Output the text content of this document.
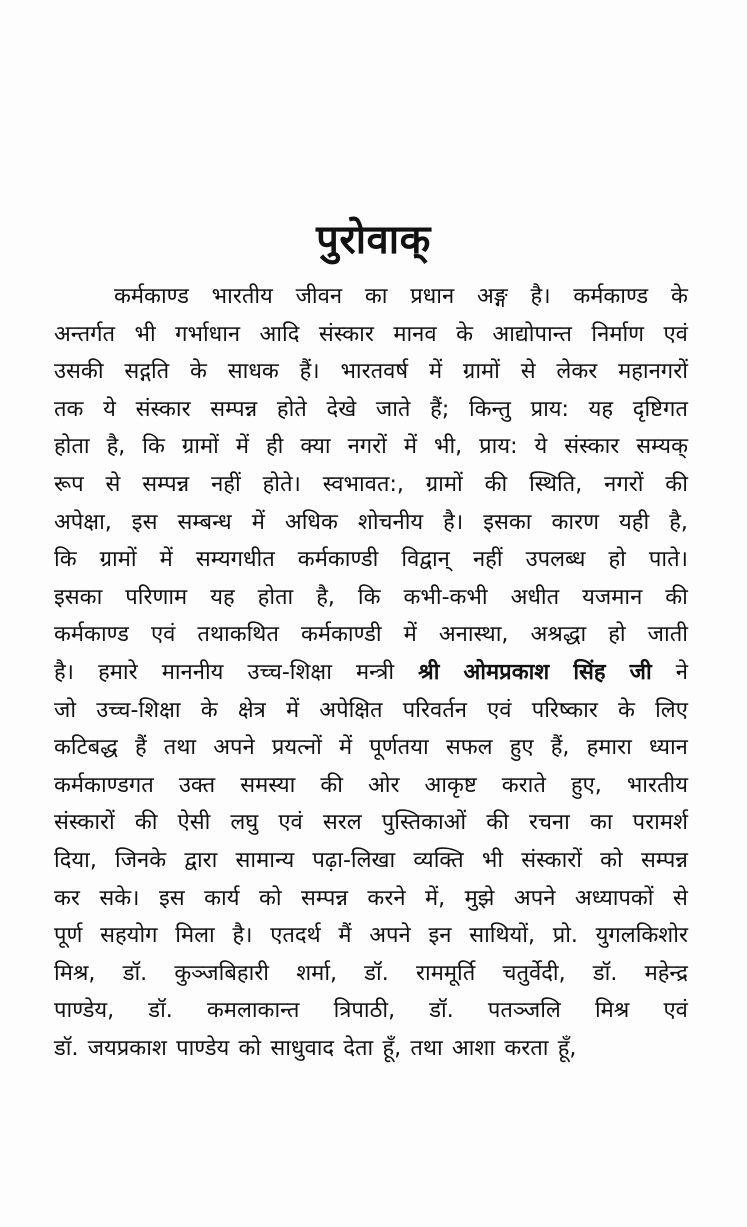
पुरोवाक्
कर्मकाण्ड भारतीय जीवन का प्रधान अङ्ग है। कर्मकाण्ड के
अन्तर्गत भी गर्भाधान आदि संस्कार मानव के आद्योपान्त निर्माण एवं
उसकी सद्गति के साधक हैं। भारतवर्ष में ग्रामों से लेकर महानगरों
तक ये संस्कार सम्पन्न होते देखे जाते हैं; किन्तु प्राय: यह दृष्टिगत
होता है, कि ग्रामों में ही क्या नगरों में भी, प्राय: ये संस्कार सम्यक्
रूप से सम्पन्न नहीं होते। स्वभावत:, ग्रामों की स्थिति, नगरों की
अपेक्षा, इस सम्बन्ध में अधिक शोचनीय है। इसका कारण यही है,
कि ग्रामों में सम्यगधीत कर्मकाण्डी विद्वान् नहीं उपलब्ध हो पाते।
इसका परिणाम यह होता है, कि कभी-कभी अधीत यजमान की
कर्मकाण्ड एवं तथाकथित कर्मकाण्डी में अनास्था, अश्रद्धा हो जाती
है। हमारे माननीय उच्च-शिक्षा मन्त्री श्री ओमप्रकाश सिंह जी ने
जो उच्च-शिक्षा के क्षेत्र में अपेक्षित परिवर्तन एवं परिष्कार के लिए
कटिबद्ध हैं तथा अपने प्रयत्नों में पूर्णतया सफल हुए हैं, हमारा ध्यान
कर्मकाण्डगत उक्त समस्या की ओर आकृष्ट कराते हुए, भारतीय
संस्कारों की ऐसी लघु एवं सरल पुस्तिकाओं की रचना का परामर्श
दिया, जिनके द्वारा सामान्य पढ़ा-लिखा व्यक्ति भी संस्कारों को सम्पन्न
कर सके। इस कार्य को सम्पन्न करने में, मुझे अपने अध्यापकों से
पूर्ण सहयोग मिला है। एतदर्थ मैं अपने इन साथियों, प्रो. युगलकिशोर
मिश्र, डॉ. कुञ्जबिहारी शर्मा, डॉ. राममूर्ति चतुर्वेदी, डॉ. महेन्द्र
पाण्डेय, डॉ. कमलाकान्त त्रिपाठी, डॉ. पतञ्जलि मिश्र एवं
डॉ. जयप्रकाश पाण्डेय को साधुवाद देता हूँ, तथा आशा करता हूँ,
